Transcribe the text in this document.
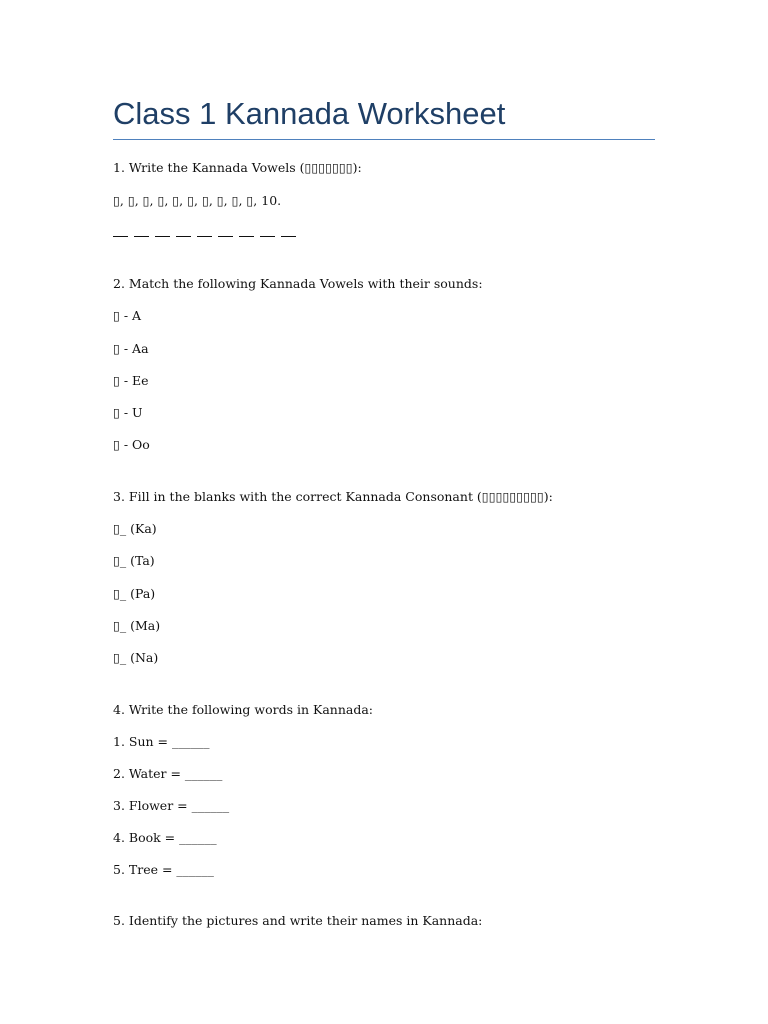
Class 1 Kannada Worksheet
1. Write the Kannada Vowels (▯▯▯▯▯▯▯):
▯, ▯, ▯, ▯, ▯, ▯, ▯, ▯, ▯, ▯, 10.
2. Match the following Kannada Vowels with their sounds:
▯ - A
▯ - Aa
▯ - Ee
▯ - U
▯ - Oo
3. Fill in the blanks with the correct Kannada Consonant (▯▯▯▯▯▯▯▯▯):
▯_ (Ka)
▯_ (Ta)
▯_ (Pa)
▯_ (Ma)
▯_ (Na)
4. Write the following words in Kannada:
1. Sun = ______
2. Water = ______
3. Flower = ______
4. Book = ______
5. Tree = ______
5. Identify the pictures and write their names in Kannada:
